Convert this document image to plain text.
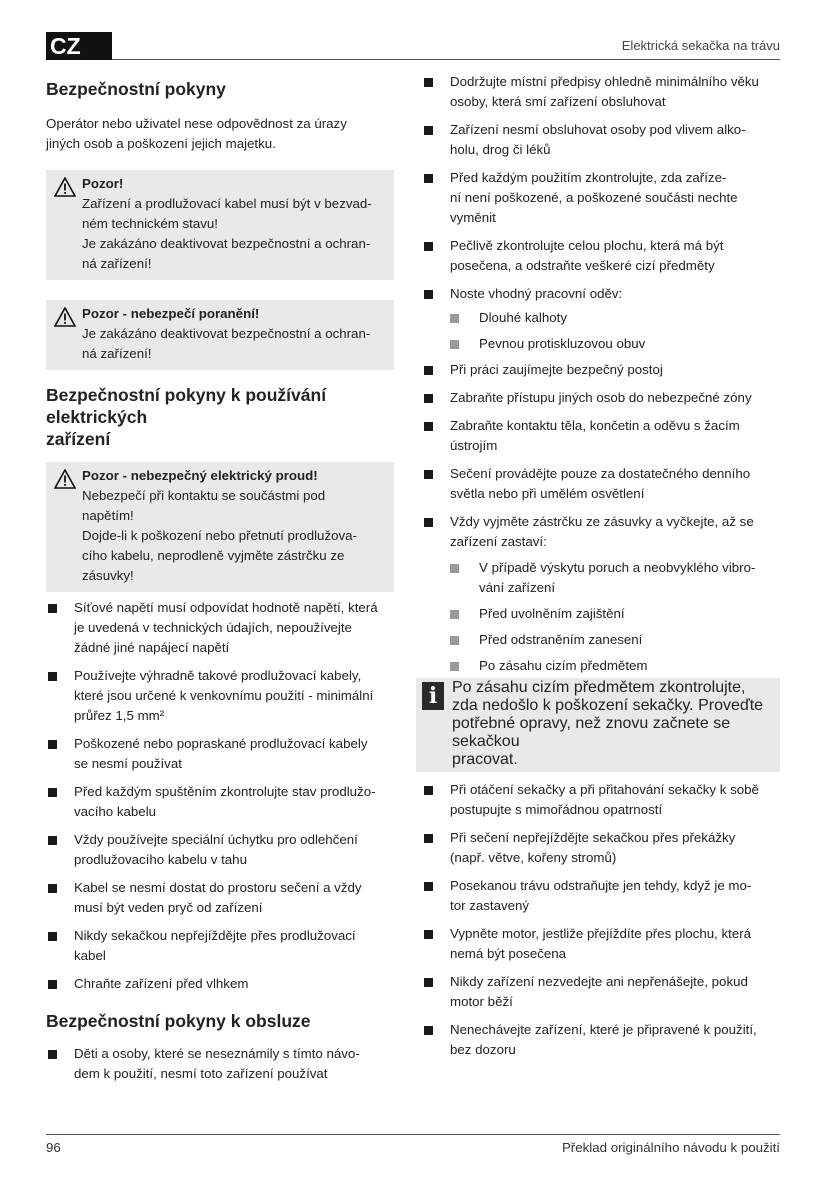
CZ	Elektrická sekačka na trávu
Bezpečnostní pokyny

Operátor nebo uživatel nese odpovědnost za úrazy
jiných osob a poškození jejich majetku.

Pozor!
Zařízení a prodlužovací kabel musí být v bezvad-
ném technickém stavu!
Je zakázáno deaktivovat bezpečnostní a ochran-
ná zařízení!
Pozor - nebezpečí poranění!
Je zakázáno deaktivovat bezpečnostní a ochran-
ná zařízení!
Bezpečnostní pokyny k používání elektrických
zařízení
Pozor - nebezpečný elektrický proud!
Nebezpečí při kontaktu se součástmi pod
napětím!
Dojde-li k poškození nebo přetnutí prodlužova-
cího kabelu, neprodleně vyjměte zástrčku ze
zásuvky!
Síťové napětí musí odpovídat hodnotě napětí, která
je uvedená v technických údajích, nepoužívejte
žádné jiné napájecí napětí
Používejte výhradně takové prodlužovací kabely,
které jsou určené k venkovnímu použití - minimální
průřez 1,5 mm²
Poškozené nebo popraskané prodlužovací kabely
se nesmí používat
Před každým spuštěním zkontrolujte stav prodlužo-
vacího kabelu
Vždy používejte speciální úchytku pro odlehčení
prodlužovacího kabelu v tahu
Kabel se nesmí dostat do prostoru sečení a vždy
musí být veden pryč od zařízení
Nikdy sekačkou nepřejíždějte přes prodlužovací
kabel
Chraňte zařízení před vlhkem
Bezpečnostní pokyny k obsluze
Děti a osoby, které se neseznámily s tímto návo-
dem k použití, nesmí toto zařízení používat
Dodržujte místní předpisy ohledně minimálního věku
osoby, která smí zařízení obsluhovat
Zařízení nesmí obsluhovat osoby pod vlivem alko-
holu, drog či léků
Před každým použitím zkontrolujte, zda zaříze-
ní není poškozené, a poškozené součásti nechte
vyměnit
Pečlivě zkontrolujte celou plochu, která má být
posečena, a odstraňte veškeré cizí předměty
Noste vhodný pracovní oděv:
Dlouhé kalhoty
Pevnou protiskluzovou obuv
Při práci zaujímejte bezpečný postoj
Zabraňte přístupu jiných osob do nebezpečné zóny
Zabraňte kontaktu těla, končetin a oděvu s žacím
ústrojím
Sečení provádějte pouze za dostatečného denního
světla nebo při umělém osvětlení
Vždy vyjměte zástrčku ze zásuvky a vyčkejte, až se
zařízení zastaví:
V případě výskytu poruch a neobvyklého vibro-
vání zařízení
Před uvolněním zajištění
Před odstraněním zanesení
Po zásahu cizím předmětem
i Po zásahu cizím předmětem zkontrolujte,
zda nedošlo k poškození sekačky. Proveďte
potřebné opravy, než znovu začnete se sekačkou
pracovat.
Při otáčení sekačky a při přitahování sekačky k sobě
postupujte s mimořádnou opatrností
Při sečení nepřejíždějte sekačkou přes překážky
(např. větve, kořeny stromů)
Posekanou trávu odstraňujte jen tehdy, když je mo-
tor zastavený
Vypněte motor, jestliže přejíždíte přes plochu, která
nemá být posečena
Nikdy zařízení nezvedejte ani nepřenášejte, pokud
motor běží
Nenechávejte zařízení, které je připravené k použití,
bez dozoru
96	Překlad originálního návodu k použití
